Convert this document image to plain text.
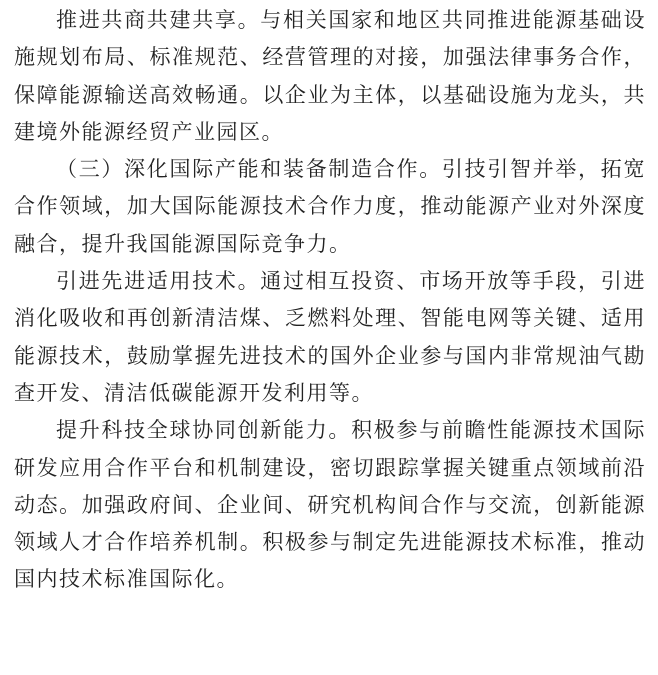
推进共商共建共享。与相关国家和地区共同推进能源基础设施规划布局、标准规范、经营管理的对接，加强法律事务合作，保障能源输送高效畅通。以企业为主体，以基础设施为龙头，共建境外能源经贸产业园区。

（三）深化国际产能和装备制造合作。引技引智并举，拓宽合作领域，加大国际能源技术合作力度，推动能源产业对外深度融合，提升我国能源国际竞争力。

引进先进适用技术。通过相互投资、市场开放等手段，引进消化吸收和再创新清洁煤、乏燃料处理、智能电网等关键、适用能源技术，鼓励掌握先进技术的国外企业参与国内非常规油气勘查开发、清洁低碳能源开发利用等。

提升科技全球协同创新能力。积极参与前瞻性能源技术国际研发应用合作平台和机制建设，密切跟踪掌握关键重点领域前沿动态。加强政府间、企业间、研究机构间合作与交流，创新能源领域人才合作培养机制。积极参与制定先进能源技术标准，推动国内技术标准国际化。
